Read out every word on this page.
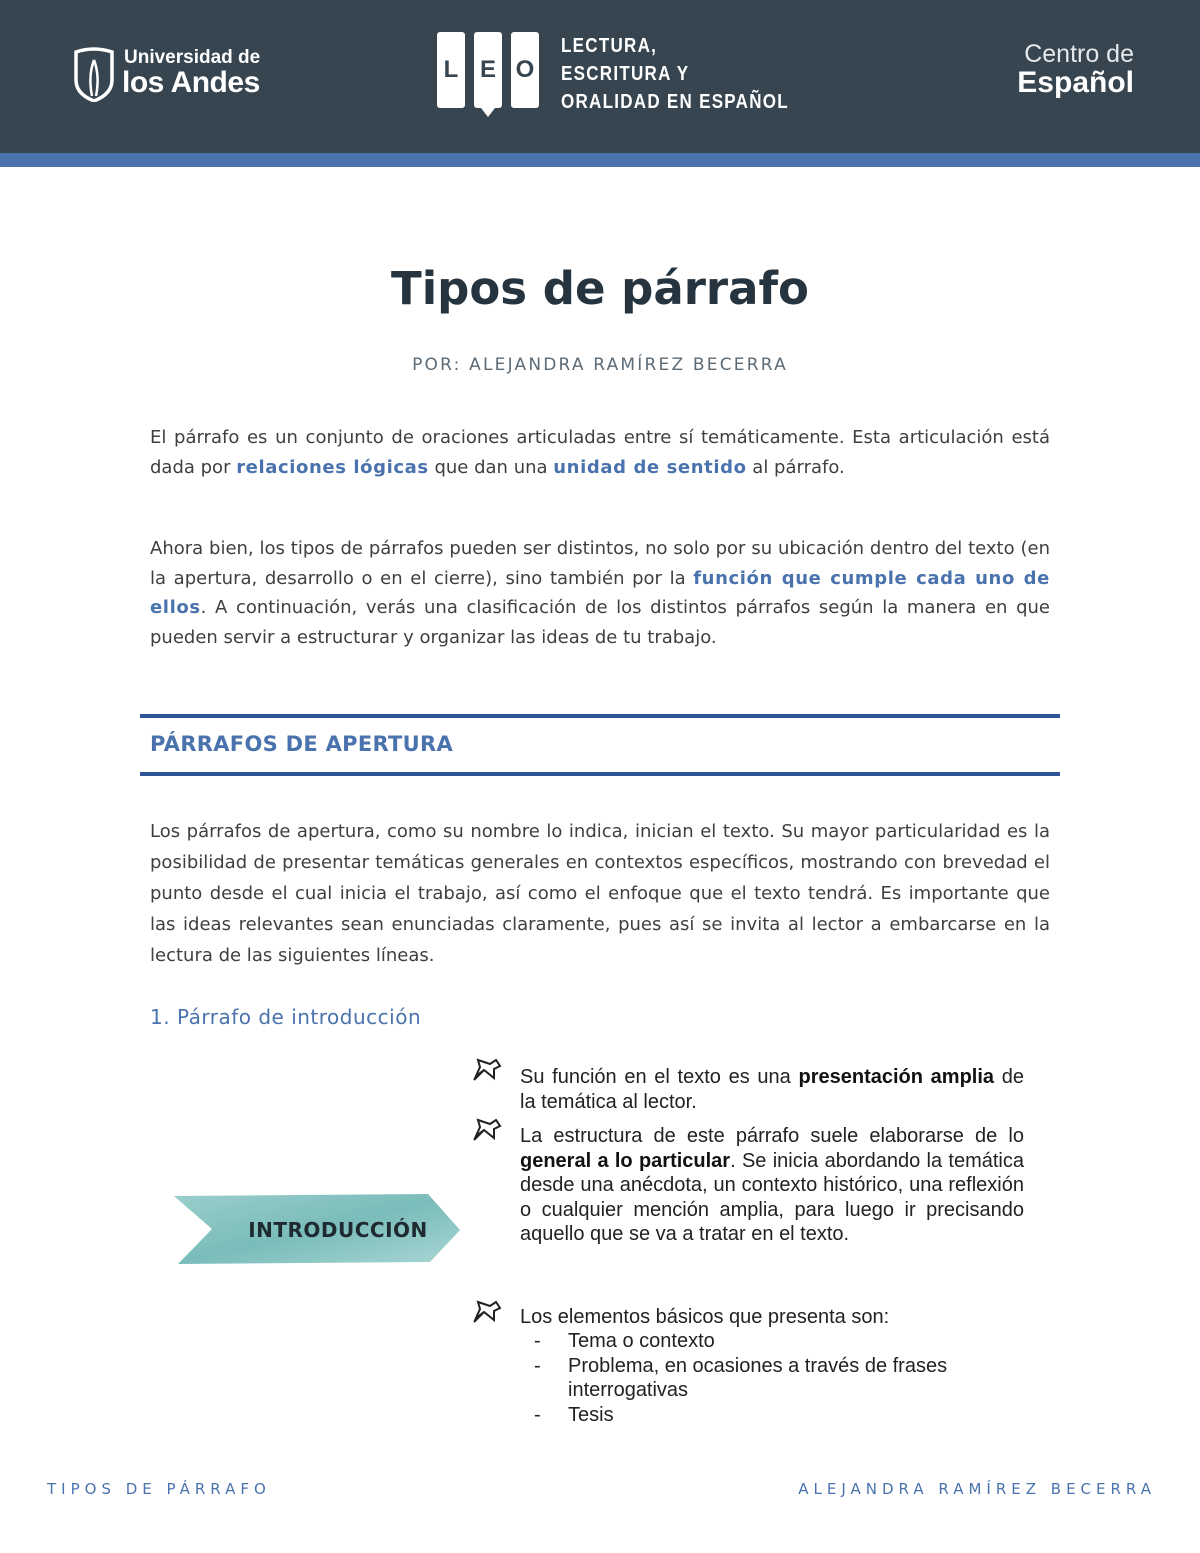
Universidad de
los Andes	L E O
LECTURA,
ESCRITURA Y
ORALIDAD EN ESPAÑOL
Centro de
Español
Tipos de párrafo
POR: ALEJANDRA RAMÍREZ BECERRA

El párrafo es un conjunto de oraciones articuladas entre sí temáticamente. Esta articulación está dada por relaciones lógicas que dan una unidad de sentido al párrafo.

Ahora bien, los tipos de párrafos pueden ser distintos, no solo por su ubicación dentro del texto (en la apertura, desarrollo o en el cierre), sino también por la función que cumple cada uno de ellos. A continuación, verás una clasificación de los distintos párrafos según la manera en que pueden servir a estructurar y organizar las ideas de tu trabajo.

PÁRRAFOS DE APERTURA

Los párrafos de apertura, como su nombre lo indica, inician el texto. Su mayor particularidad es la posibilidad de presentar temáticas generales en contextos específicos, mostrando con brevedad el punto desde el cual inicia el trabajo, así como el enfoque que el texto tendrá. Es importante que las ideas relevantes sean enunciadas claramente, pues así se invita al lector a embarcarse en la lectura de las siguientes líneas.

1. Párrafo de introducción
INTRODUCCIÓN

Su función en el texto es una presentación amplia de la temática al lector.

La estructura de este párrafo suele elaborarse de lo general a lo particular. Se inicia abordando la temática desde una anécdota, un contexto histórico, una reflexión o cualquier mención amplia, para luego ir precisando aquello que se va a tratar en el texto.

Los elementos básicos que presenta son:

- Tema o contexto
- Problema, en ocasiones a través de frases interrogativas
- Tesis
TIPOS DE PÁRRAFO	ALEJANDRA RAMÍREZ BECERRA
